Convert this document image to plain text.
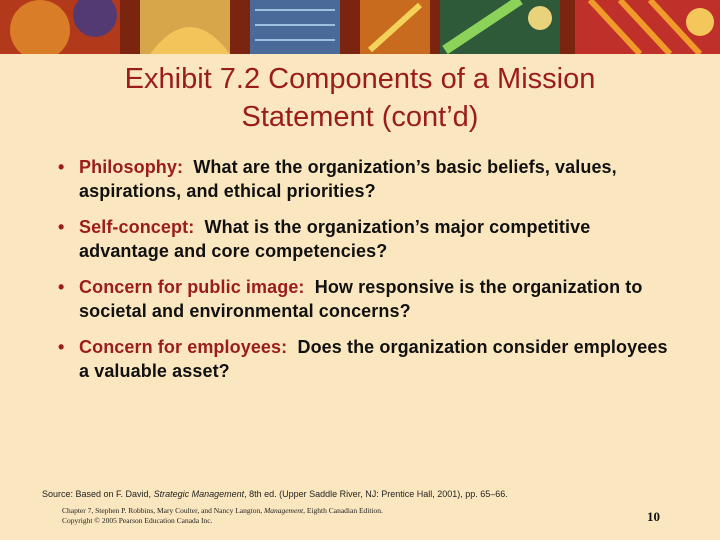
Exhibit 7.2 Components of a Mission
Statement (cont’d)
• Philosophy: What are the organization’s basic beliefs, values, aspirations, and ethical priorities?
• Self-concept: What is the organization’s major competitive advantage and core competencies?
• Concern for public image: How responsive is the organization to societal and environmental concerns?
• Concern for employees: Does the organization consider employees a valuable asset?
Source: Based on F. David, Strategic Management, 8th ed. (Upper Saddle River, NJ: Prentice Hall, 2001), pp. 65–66.
Chapter 7, Stephen P. Robbins, Mary Coulter, and Nancy Langton, Management, Eighth Canadian Edition.
Copyright © 2005 Pearson Education Canada Inc.	10
